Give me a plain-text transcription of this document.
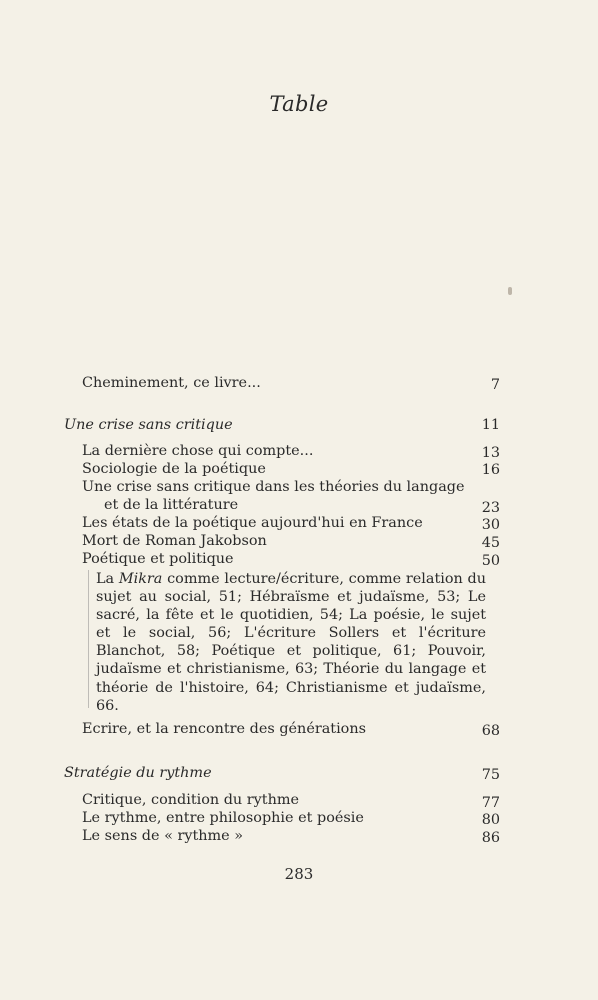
Table
Cheminement, ce livre...	7
Une crise sans critique	11
La dernière chose qui compte...	13
Sociologie de la poétique	16
Une crise sans critique dans les théories du langage
et de la littérature	23
Les états de la poétique aujourd'hui en France	30
Mort de Roman Jakobson	45
Poétique et politique	50

La Mikra comme lecture/écriture, comme relation du sujet au social, 51; Hébraïsme et judaïsme, 53; Le sacré, la fête et le quotidien, 54; La poésie, le sujet et le social, 56; L'écriture Sollers et l'écriture Blanchot, 58; Poétique et politique, 61; Pouvoir, judaïsme et christianisme, 63; Théorie du langage et théorie de l'histoire, 64; Christianisme et judaïsme, 66.

Ecrire, et la rencontre des générations	68
Stratégie du rythme	75
Critique, condition du rythme	77
Le rythme, entre philosophie et poésie	80
Le sens de « rythme »	86
283
